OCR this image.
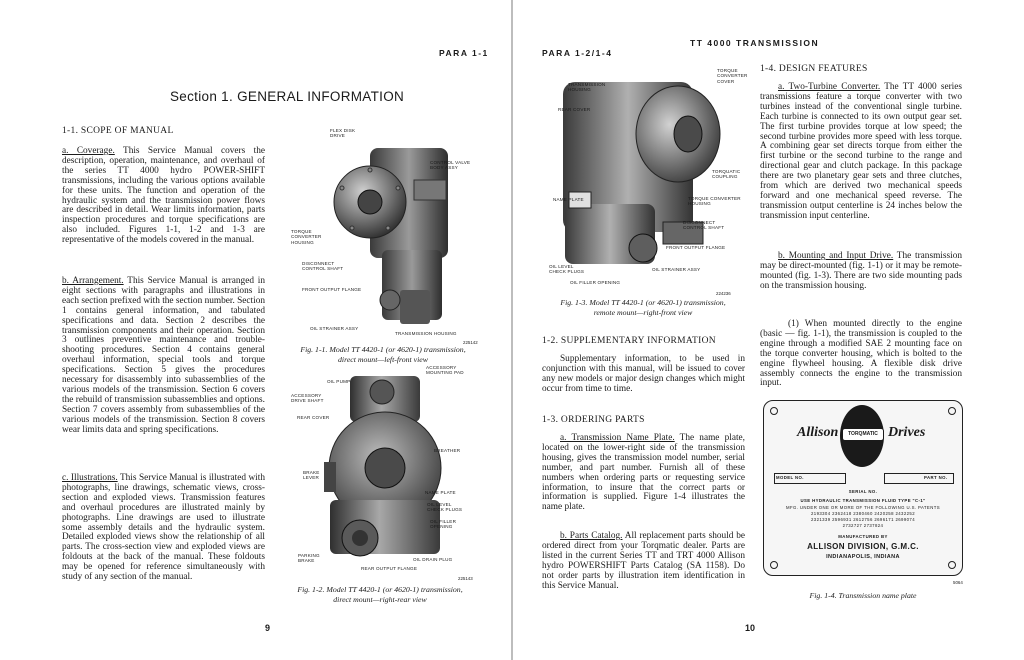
PARA 1-1
Section 1. GENERAL INFORMATION
1-1. SCOPE OF MANUAL
a. Coverage. This Service Manual covers the description, operation, maintenance, and overhaul of the series TT 4000 hydro POWER-SHIFT transmissions, including the various options available for these units. The function and operation of the hydraulic system and the transmission power flows are described in detail. Wear limits information, parts inspection procedures and torque specifications are also included. Figures 1-1, 1-2 and 1-3 are representative of the models covered in the manual.
b. Arrangement. This Service Manual is arranged in eight sections with paragraphs and illustrations in each section prefixed with the section number. Section 1 contains general information, and tabulated specifications and data. Section 2 describes the transmission components and their operation. Section 3 outlines preventive maintenance and trouble-shooting procedures. Section 4 contains general overhaul information, special tools and torque specifications. Section 5 gives the procedures necessary for disassembly into subassemblies of the various models of the transmission. Section 6 covers the rebuild of transmission subassemblies and options. Section 7 covers assembly from subassemblies of the various models of the transmission. Section 8 covers wear limits data and spring specifications.
c. Illustrations. This Service Manual is illustrated with photographs, line drawings, schematic views, cross-section and exploded views. Transmission features and overhaul procedures are illustrated mainly by photographs. Line drawings are used to illustrate some assembly details and the hydraulic system. Detailed exploded views show the relationship of all parts. The cross-section view and exploded views are foldouts at the back of the manual. These foldouts may be opened for reference simultaneously with study of any section of the manual.
FLEX DISK
DRIVE
CONTROL VALVE
BODY ASSY
TORQUE
CONVERTER
HOUSING
DISCONNECT
CONTROL SHAFT
FRONT OUTPUT FLANGE
OIL STRAINER ASSY
TRANSMISSION HOUSING
225142
Fig. 1-1. Model TT 4420-1 (or 4620-1) transmission,
direct mount—left-front view
ACCESSORY
MOUNTING PAD
OIL PUMP
ACCESSORY
DRIVE SHAFT
REAR COVER
BREATHER
BRAKE
LEVER
NAME PLATE
OIL LEVEL
CHECK PLUGS
OIL FILLER
OPENING
PARKING
BRAKE	OIL DRAIN PLUG
REAR OUTPUT FLANGE
225143
Fig. 1-2. Model TT 4420-1 (or 4620-1) transmission,
direct mount—right-rear view
9
TT 4000 TRANSMISSION
PARA 1-2/1-4
TRANSMISSION
HOUSING
REAR COVER
TORQUE
CONVERTER
COVER
NAME PLATE
TORQUATIC
COUPLING
TORQUE CONVERTER
HOUSING
DISCONNECT
CONTROL SHAFT
FRONT OUTPUT FLANGE
OIL LEVEL
CHECK PLUGS	OIL STRAINER ASSY
OIL FILLER OPENING
224236
Fig. 1-3. Model TT 4420-1 (or 4620-1) transmission,
remote mount—right-front view
1-2. SUPPLEMENTARY INFORMATION
Supplementary information, to be used in conjunction with this manual, will be issued to cover any new models or major design changes which might occur from time to time.
1-3. ORDERING PARTS
a. Transmission Name Plate. The name plate, located on the lower-right side of the transmission housing, gives the transmission model number, serial number, and part number. Furnish all of these numbers when ordering parts or requesting service information, to insure that the correct parts or information is supplied. Figure 1-4 illustrates the name plate.
b. Parts Catalog. All replacement parts should be ordered direct from your Torqmatic dealer. Parts are listed in the current Series TT and TRT 4000 Allison hydro POWERSHIFT Parts Catalog (SA 1158). Do not order parts by illustration item identification in this Service Manual.
1-4. DESIGN FEATURES
a. Two-Turbine Converter. The TT 4000 series transmissions feature a torque converter with two turbines instead of the conventional single turbine. Each turbine is connected to its own output gear set. The first turbine provides torque at low speed; the second turbine provides more speed with less torque. A combining gear set directs torque from either the first turbine or the second turbine to the range and directional gear and clutch package. In this package there are two planetary gear sets and three clutches, from which are derived two mechanical speeds forward and one mechanical speed reverse. The transmission output centerline is 24 inches below the transmission input centerline.
b. Mounting and Input Drive. The transmission may be direct-mounted (fig. 1-1) or it may be remote-mounted (fig. 1-3). There are two side mounting pads on the transmission housing.
(1) When mounted directly to the engine (basic — fig. 1-1), the transmission is coupled to the engine through a modified SAE 2 mounting face on the torque converter housing, which is bolted to the engine flywheel housing. A flexible disk drive assembly connects the engine to the transmission input.
Allison	TORQMATIC Drives
MODEL NO.	PART NO.
SERIAL NO.
USE HYDRAULIC TRANSMISSION FLUID TYPE "C-1"
MFG. UNDER ONE OR MORE OF THE FOLLOWING U.S. PATENTS
2193304 2362418 2380460 2420258 2432252
2321339 2596931 2612756 2696171 2699074
2732727 2737824
MANUFACTURED BY
ALLISON DIVISION, G.M.C.
INDIANAPOLIS, INDIANA
5064
Fig. 1-4. Transmission name plate
10
